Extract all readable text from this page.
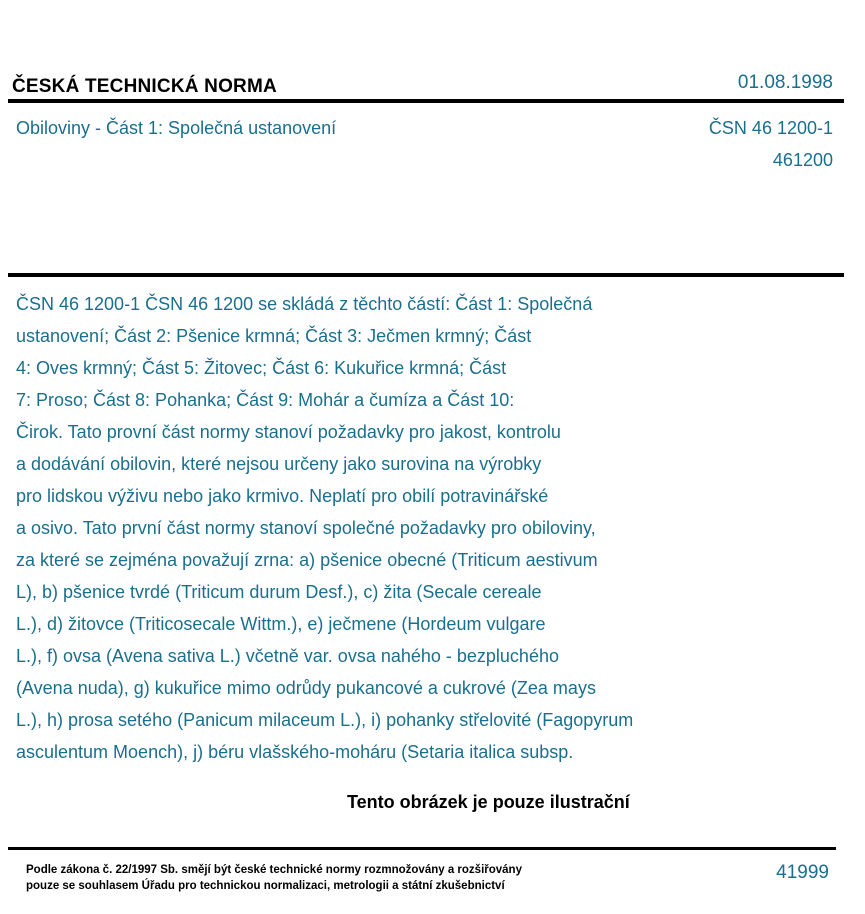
ČESKÁ TECHNICKÁ NORMA	01.08.1998
Obiloviny - Část 1: Společná ustanovení	ČSN 46 1200-1
461200
ČSN 46 1200-1 ČSN 46 1200 se skládá z těchto částí: Část 1: Společná
ustanovení; Část 2: Pšenice krmná; Část 3: Ječmen krmný; Část
4: Oves krmný; Část 5: Žitovec; Část 6: Kukuřice krmná; Část
7: Proso; Část 8: Pohanka; Část 9: Mohár a čumíza a Část 10:
Čirok. Tato provní část normy stanoví požadavky pro jakost, kontrolu
a dodávání obilovin, které nejsou určeny jako surovina na výrobky
pro lidskou výživu nebo jako krmivo. Neplatí pro obilí potravinářské
a osivo. Tato první část normy stanoví společné požadavky pro obiloviny,
za které se zejména považují zrna: a) pšenice obecné (Triticum aestivum
L), b) pšenice tvrdé (Triticum durum Desf.), c) žita (Secale cereale
L.), d) žitovce (Triticosecale Wittm.), e) ječmene (Hordeum vulgare
L.), f) ovsa (Avena sativa L.) včetně var. ovsa nahého - bezpluchého
(Avena nuda), g) kukuřice mimo odrůdy pukancové a cukrové (Zea mays
L.), h) prosa setého (Panicum milaceum L.), i) pohanky střelovité (Fagopyrum
asculentum Moench), j) béru vlašského-moháru (Setaria italica subsp.
Tento obrázek je pouze ilustrační
Podle zákona č. 22/1997 Sb. smějí být české technické normy rozmnožovány a rozšiřovány
pouze se souhlasem Úřadu pro technickou normalizaci, metrologii a státní zkušebnictví
41999
